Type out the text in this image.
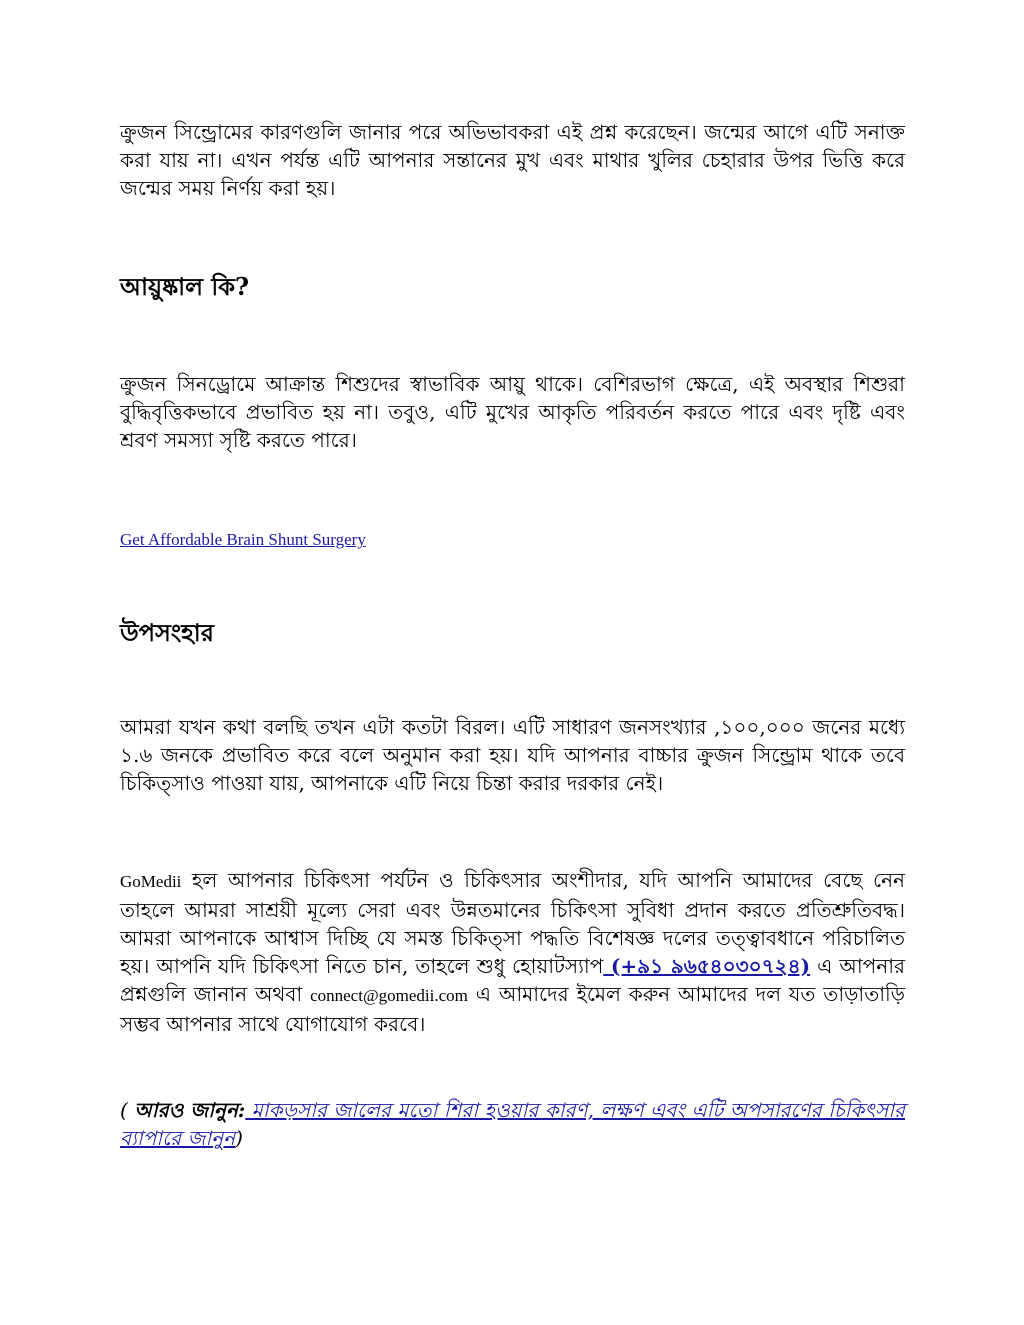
ক্রুজন সিন্ড্রোমের কারণগুলি জানার পরে অভিভাবকরা এই প্রশ্ন করেছেন। জন্মের আগে এটি সনাক্ত করা যায় না। এখন পর্যন্ত এটি আপনার সন্তানের মুখ এবং মাথার খুলির চেহারার উপর ভিত্তি করে জন্মের সময় নির্ণয় করা হয়।

আয়ুষ্কাল কি?

ক্রুজন সিনড্রোমে আক্রান্ত শিশুদের স্বাভাবিক আয়ু থাকে। বেশিরভাগ ক্ষেত্রে, এই অবস্থার শিশুরা বুদ্ধিবৃত্তিকভাবে প্রভাবিত হয় না। তবুও, এটি মুখের আকৃতি পরিবর্তন করতে পারে এবং দৃষ্টি এবং শ্রবণ সমস্যা সৃষ্টি করতে পারে।

Get Affordable Brain Shunt Surgery

উপসংহার

আমরা যখন কথা বলছি তখন এটা কতটা বিরল। এটি সাধারণ জনসংখ্যার ,১০০,০০০ জনের মধ্যে ১.৬ জনকে প্রভাবিত করে বলে অনুমান করা হয়। যদি আপনার বাচ্চার ক্রুজন সিন্ড্রোম থাকে তবে চিকিত্সাও পাওয়া যায়, আপনাকে এটি নিয়ে চিন্তা করার দরকার নেই।

GoMedii হল আপনার চিকিৎসা পর্যটন ও চিকিৎসার অংশীদার, যদি আপনি আমাদের বেছে নেন তাহলে আমরা সাশ্রয়ী মূল্যে সেরা এবং উন্নতমানের চিকিৎসা সুবিধা প্রদান করতে প্রতিশ্রুতিবদ্ধ। আমরা আপনাকে আশ্বাস দিচ্ছি যে সমস্ত চিকিত্সা পদ্ধতি বিশেষজ্ঞ দলের তত্ত্বাবধানে পরিচালিত হয়। আপনি যদি চিকিৎসা নিতে চান, তাহলে শুধু হোয়াটস্যাপ (+৯১ ৯৬৫৪০৩০৭২৪) এ আপনার প্রশ্নগুলি জানান অথবা connect@gomedii.com এ আমাদের ইমেল করুন আমাদের দল যত তাড়াতাড়ি সম্ভব আপনার সাথে যোগাযোগ করবে।

( আরও জানুন: মাকড়সার জালের মতো শিরা হওয়ার কারণ, লক্ষণ এবং এটি অপসারণের চিকিৎসার ব্যাপারে জানুন)
